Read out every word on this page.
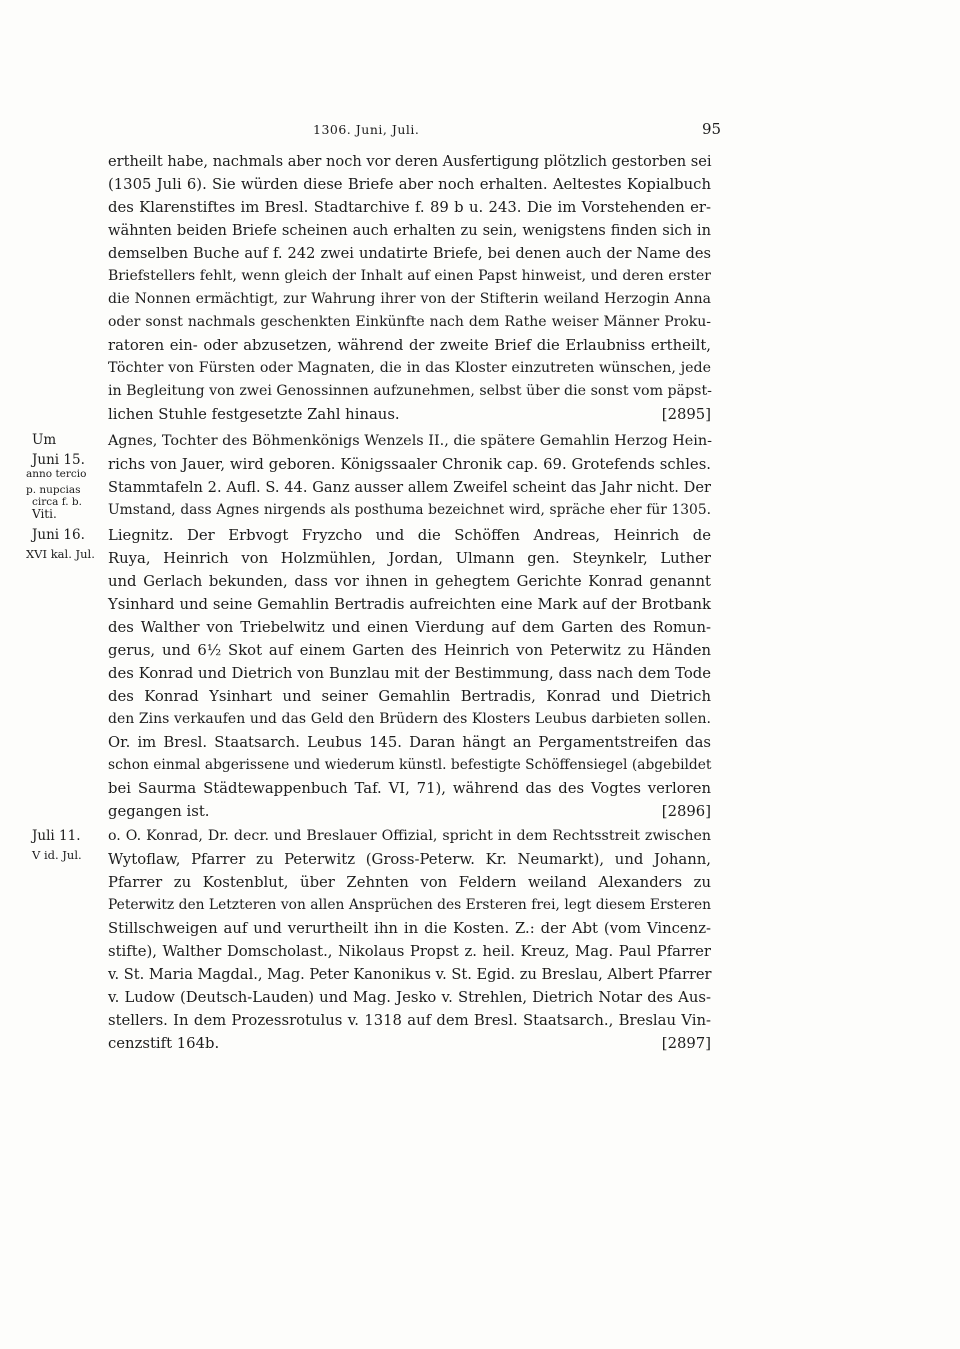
1306. Juni, Juli.	95
ertheilt habe, nachmals aber noch vor deren Ausfertigung plötzlich gestorben sei
(1305 Juli 6). Sie würden diese Briefe aber noch erhalten. Aeltestes Kopialbuch
des Klarenstiftes im Bresl. Stadtarchive f. 89 b u. 243. Die im Vorstehenden er-
wähnten beiden Briefe scheinen auch erhalten zu sein, wenigstens finden sich in
demselben Buche auf f. 242 zwei undatirte Briefe, bei denen auch der Name des
Briefstellers fehlt, wenn gleich der Inhalt auf einen Papst hinweist, und deren erster
die Nonnen ermächtigt, zur Wahrung ihrer von der Stifterin weiland Herzogin Anna
oder sonst nachmals geschenkten Einkünfte nach dem Rathe weiser Männer Proku-
ratoren ein- oder abzusetzen, während der zweite Brief die Erlaubniss ertheilt,
Töchter von Fürsten oder Magnaten, die in das Kloster einzutreten wünschen, jede
in Begleitung von zwei Genossinnen aufzunehmen, selbst über die sonst vom päpst-
lichen Stuhle festgesetzte Zahl hinaus.	[2895]
Um
Juni 15.
anno tercio
p. nupcias
circa f. b.
Viti.
Agnes, Tochter des Böhmenkönigs Wenzels II., die spätere Gemahlin Herzog Hein-
richs von Jauer, wird geboren. Königssaaler Chronik cap. 69. Grotefends schles.
Stammtafeln 2. Aufl. S. 44. Ganz ausser allem Zweifel scheint das Jahr nicht. Der
Umstand, dass Agnes nirgends als posthuma bezeichnet wird, spräche eher für 1305.
Juni 16.
XVI kal. Jul.
Liegnitz. Der Erbvogt Fryzcho und die Schöffen Andreas, Heinrich de
Ruya, Heinrich von Holzmühlen, Jordan, Ulmann gen. Steynkelr, Luther
und Gerlach bekunden, dass vor ihnen in gehegtem Gerichte Konrad genannt
Ysinhard und seine Gemahlin Bertradis aufreichten eine Mark auf der Brotbank
des Walther von Triebelwitz und einen Vierdung auf dem Garten des Romun-
gerus, und 6½ Skot auf einem Garten des Heinrich von Peterwitz zu Händen
des Konrad und Dietrich von Bunzlau mit der Bestimmung, dass nach dem Tode
des Konrad Ysinhart und seiner Gemahlin Bertradis, Konrad und Dietrich
den Zins verkaufen und das Geld den Brüdern des Klosters Leubus darbieten sollen.
Or. im Bresl. Staatsarch. Leubus 145. Daran hängt an Pergamentstreifen das
schon einmal abgerissene und wiederum künstl. befestigte Schöffensiegel (abgebildet
bei Saurma Städtewappenbuch Taf. VI, 71), während das des Vogtes verloren
gegangen ist.	[2896]
Juli 11.
V id. Jul.
o. O. Konrad, Dr. decr. und Breslauer Offizial, spricht in dem Rechtsstreit zwischen
Wytoflaw, Pfarrer zu Peterwitz (Gross-Peterw. Kr. Neumarkt), und Johann,
Pfarrer zu Kostenblut, über Zehnten von Feldern weiland Alexanders zu
Peterwitz den Letzteren von allen Ansprüchen des Ersteren frei, legt diesem Ersteren
Stillschweigen auf und verurtheilt ihn in die Kosten. Z.: der Abt (vom Vincenz-
stifte), Walther Domscholast., Nikolaus Propst z. heil. Kreuz, Mag. Paul Pfarrer
v. St. Maria Magdal., Mag. Peter Kanonikus v. St. Egid. zu Breslau, Albert Pfarrer
v. Ludow (Deutsch-Lauden) und Mag. Jesko v. Strehlen, Dietrich Notar des Aus-
stellers. In dem Prozessrotulus v. 1318 auf dem Bresl. Staatsarch., Breslau Vin-
cenzstift 164b.	[2897]
